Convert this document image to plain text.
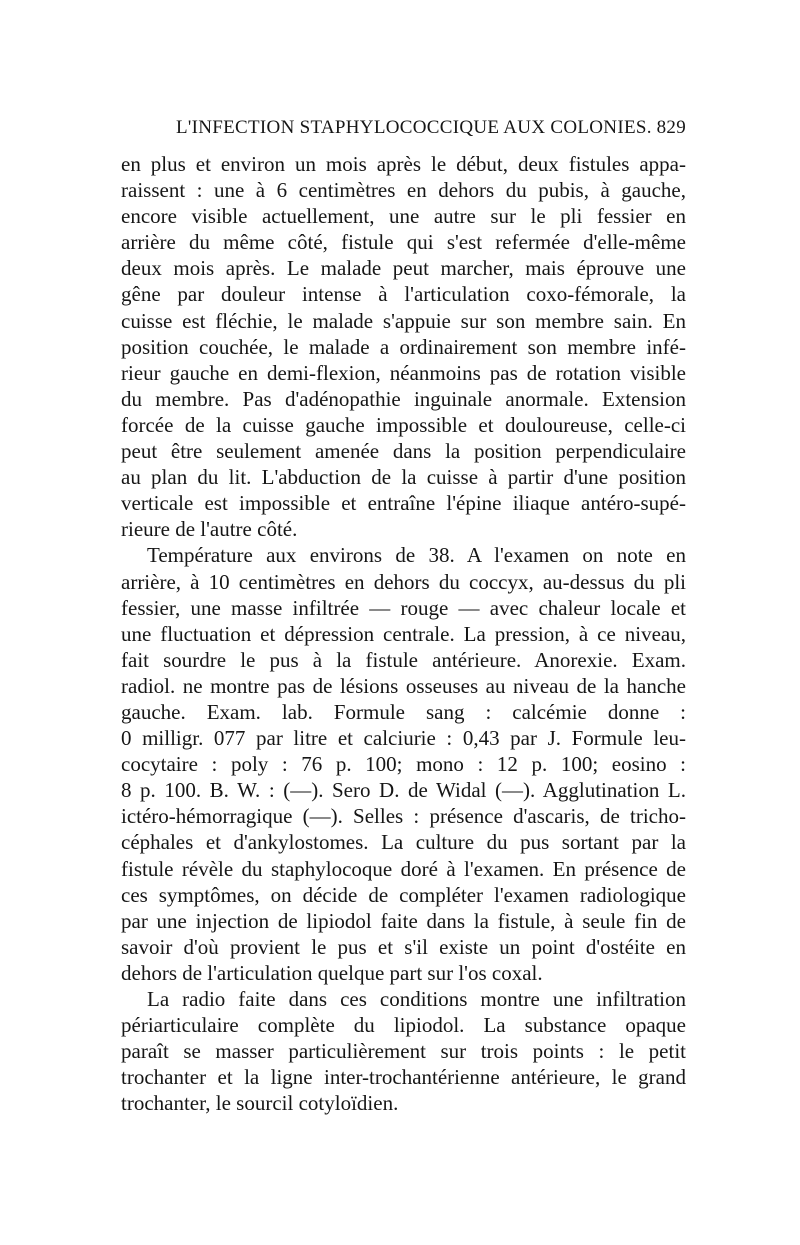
L'INFECTION STAPHYLOCOCCIQUE AUX COLONIES. 829

en plus et environ un mois après le début, deux fistules appa-
raissent : une à 6 centimètres en dehors du pubis, à gauche,
encore visible actuellement, une autre sur le pli fessier en
arrière du même côté, fistule qui s'est refermée d'elle-même
deux mois après. Le malade peut marcher, mais éprouve une
gêne par douleur intense à l'articulation coxo-fémorale, la
cuisse est fléchie, le malade s'appuie sur son membre sain. En
position couchée, le malade a ordinairement son membre infé-
rieur gauche en demi-flexion, néanmoins pas de rotation visible
du membre. Pas d'adénopathie inguinale anormale. Extension
forcée de la cuisse gauche impossible et douloureuse, celle-ci
peut être seulement amenée dans la position perpendiculaire
au plan du lit. L'abduction de la cuisse à partir d'une position
verticale est impossible et entraîne l'épine iliaque antéro-supé-
rieure de l'autre côté.

Température aux environs de 38. A l'examen on note en
arrière, à 10 centimètres en dehors du coccyx, au-dessus du pli
fessier, une masse infiltrée — rouge — avec chaleur locale et
une fluctuation et dépression centrale. La pression, à ce niveau,
fait sourdre le pus à la fistule antérieure. Anorexie. Exam.
radiol. ne montre pas de lésions osseuses au niveau de la hanche
gauche. Exam. lab. Formule sang : calcémie donne :
0 milligr. 077 par litre et calciurie : 0,43 par J. Formule leu-
cocytaire : poly : 76 p. 100; mono : 12 p. 100; eosino :
8 p. 100. B. W. : (—). Sero D. de Widal (—). Agglutination L.
ictéro-hémorragique (—). Selles : présence d'ascaris, de tricho-
céphales et d'ankylostomes. La culture du pus sortant par la
fistule révèle du staphylocoque doré à l'examen. En présence de
ces symptômes, on décide de compléter l'examen radiologique
par une injection de lipiodol faite dans la fistule, à seule fin de
savoir d'où provient le pus et s'il existe un point d'ostéite en
dehors de l'articulation quelque part sur l'os coxal.

La radio faite dans ces conditions montre une infiltration
périarticulaire complète du lipiodol. La substance opaque
paraît se masser particulièrement sur trois points : le petit
trochanter et la ligne inter-trochantérienne antérieure, le grand
trochanter, le sourcil cotyloïdien.
